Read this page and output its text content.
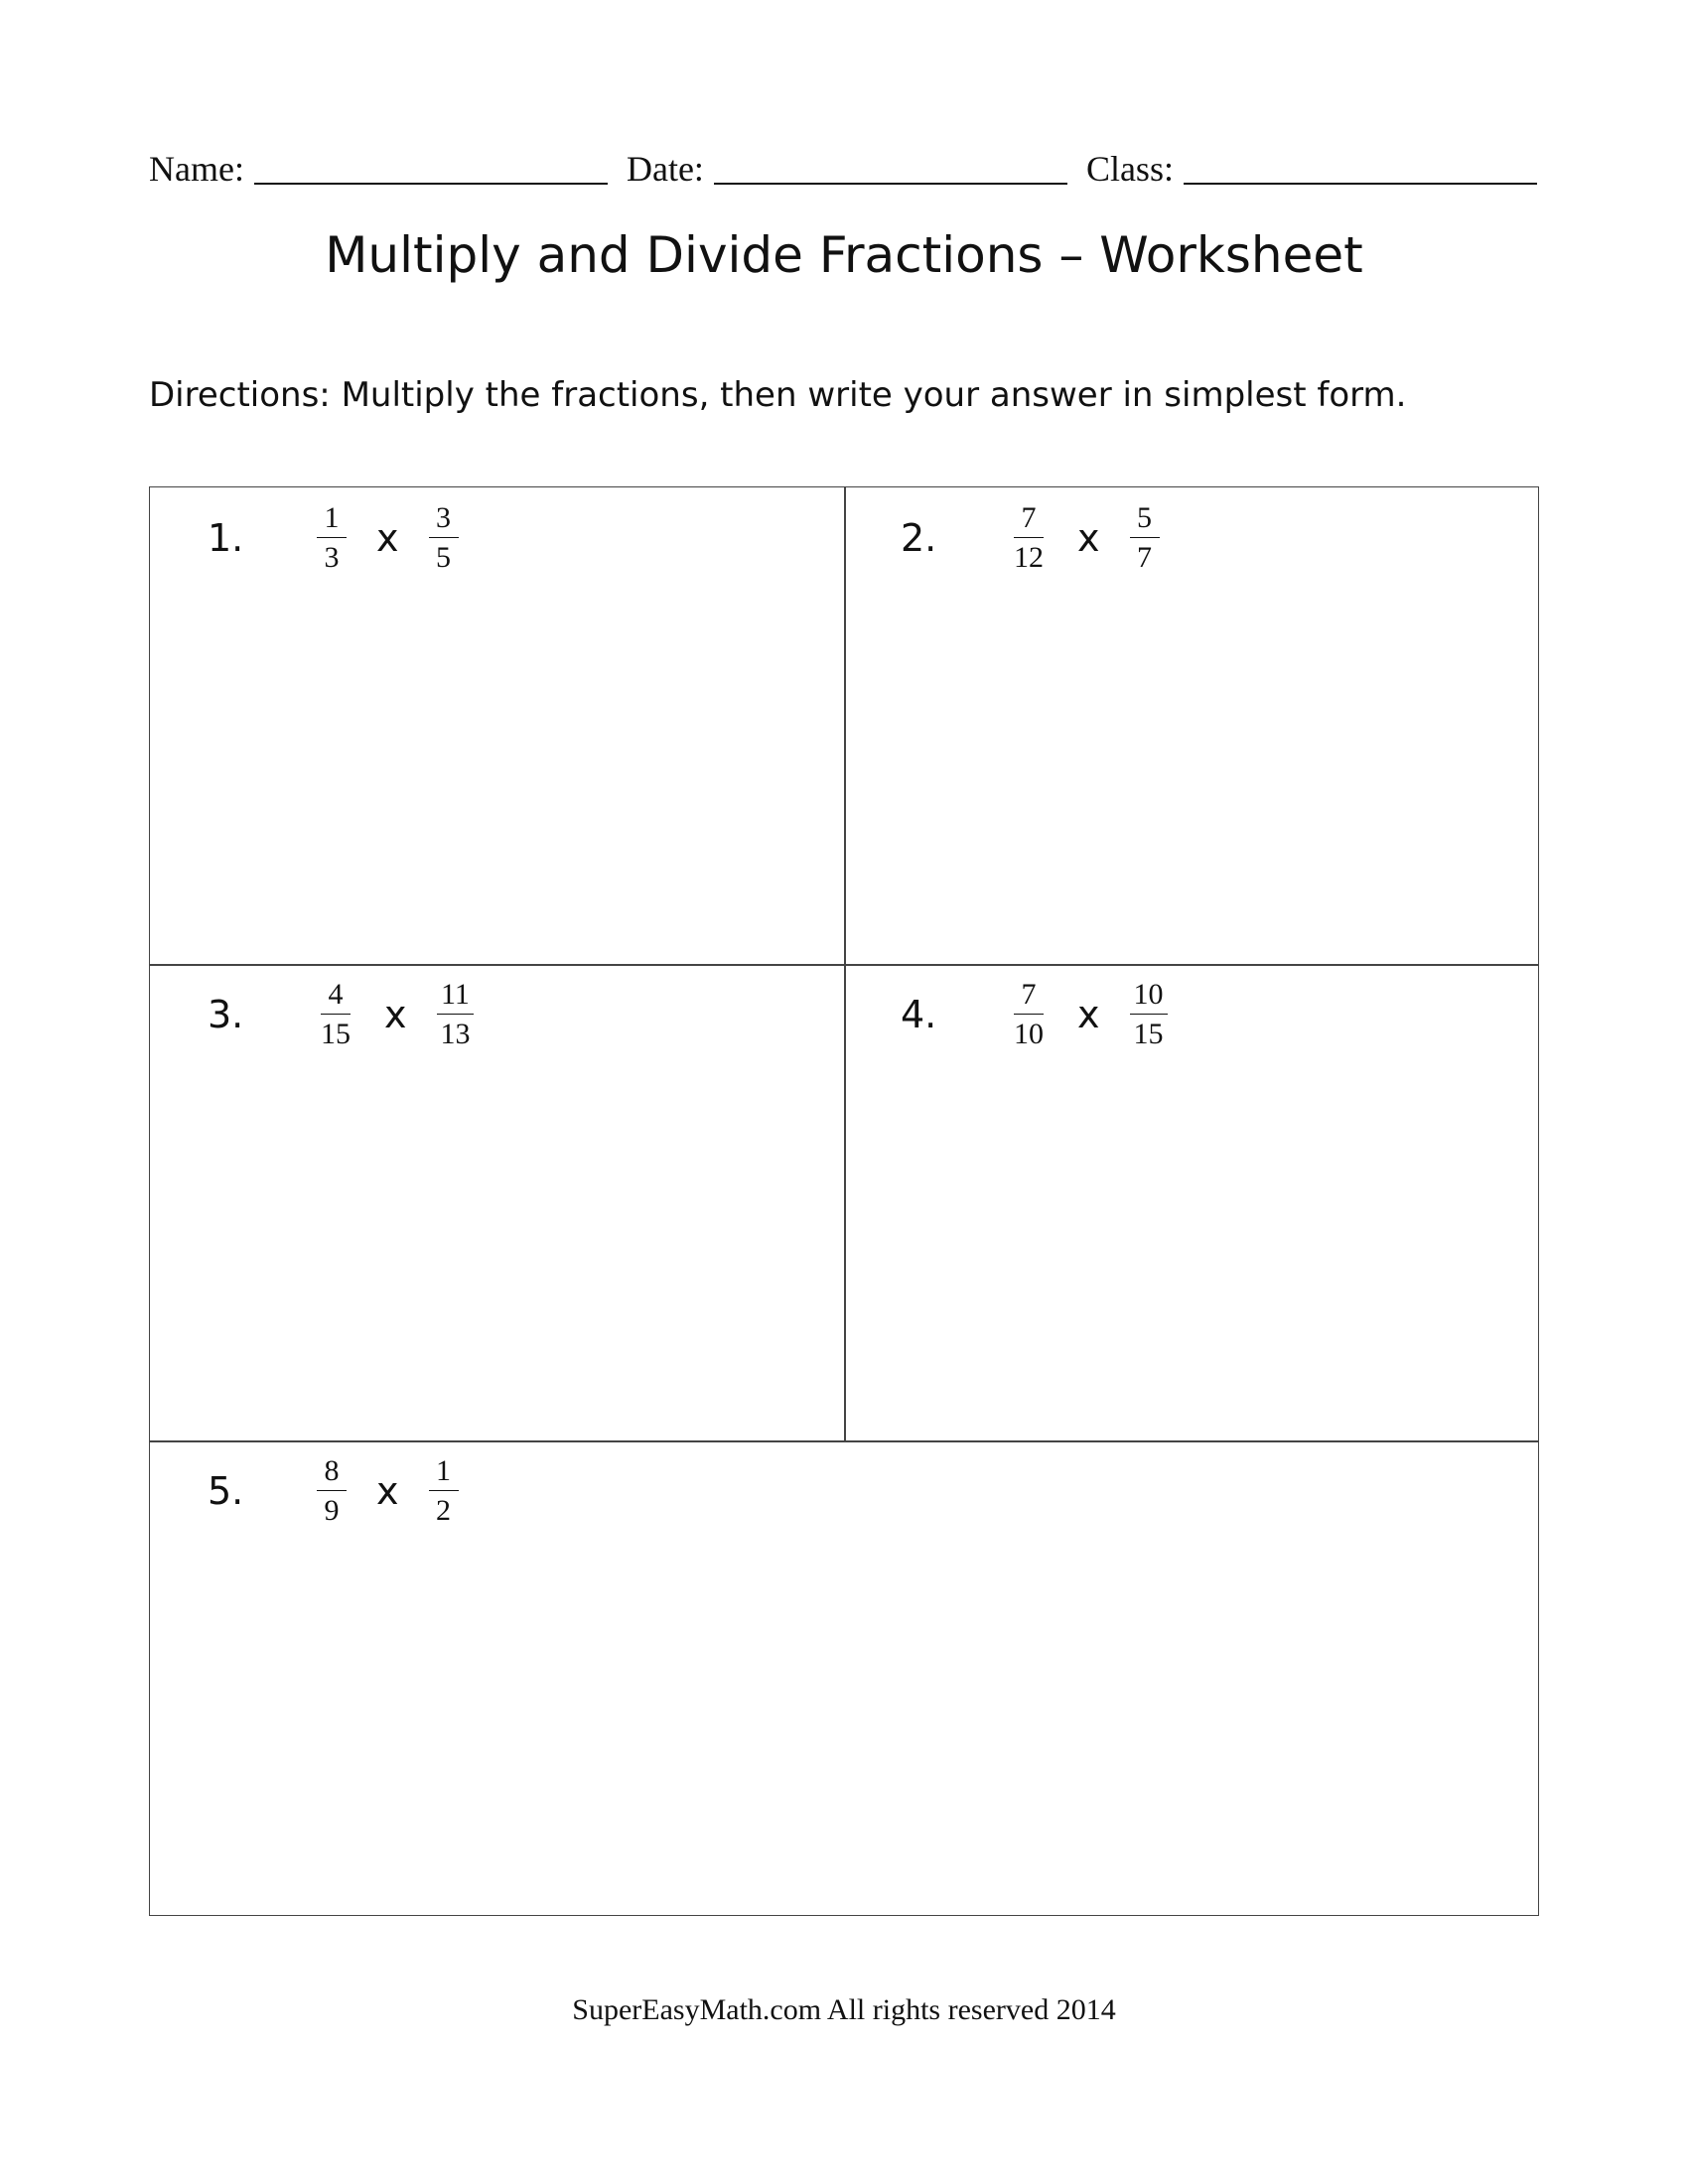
Name:	Date:	Class:
Multiply and Divide Fractions – Worksheet
Directions: Multiply the fractions, then write your answer in simplest form.
1.	$\frac{1}{3}$ x $\frac{3}{5}$	2.	$\frac{7}{12}$ x $\frac{5}{7}$
3.	$\frac{4}{15}$ x $\frac{11}{13}$	4.	$\frac{7}{10}$ x $\frac{10}{15}$
5.	$\frac{8}{9}$ x $\frac{1}{2}$
SuperEasyMath.com All rights reserved 2014
